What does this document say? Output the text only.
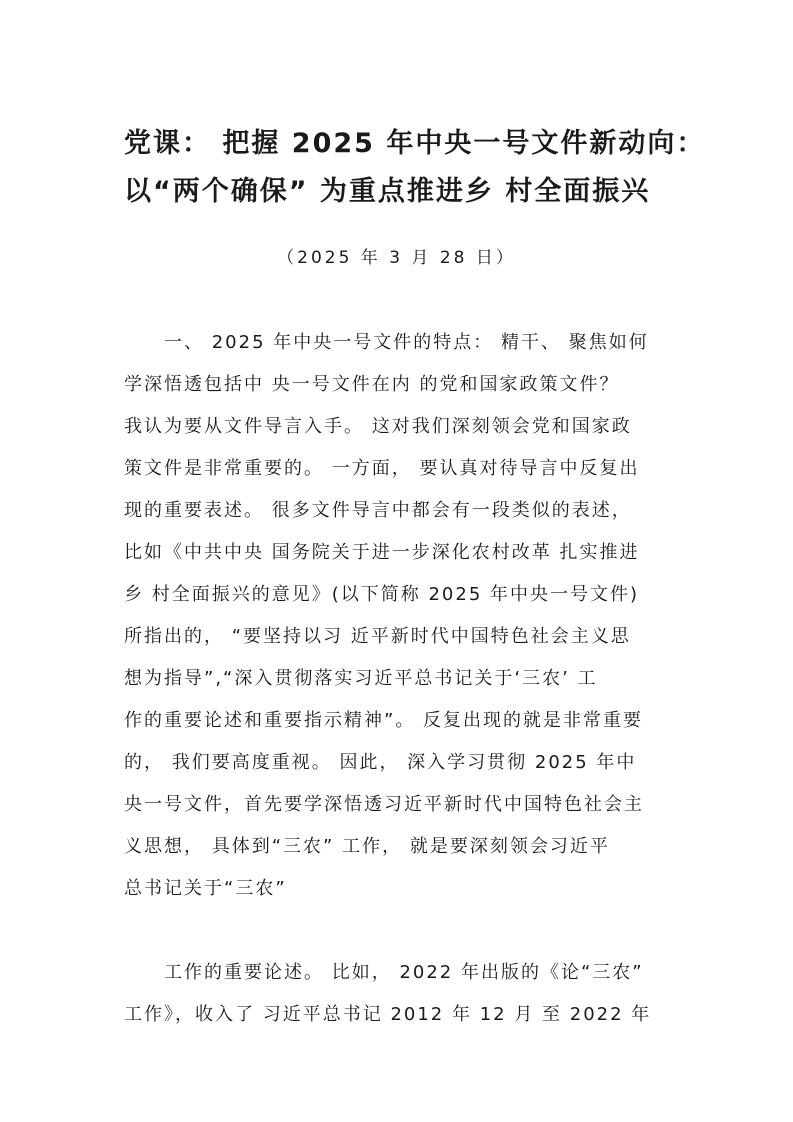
党课： 把握 2025 年中央一号文件新动向：
以“两个确保” 为重点推进乡 村全面振兴
（2025 年 3 月 28 日）
一、 2025 年中央一号文件的特点： 精干、 聚焦如何
学深悟透包括中 央一号文件在内 的党和国家政策文件？
我认为要从文件导言入手。 这对我们深刻领会党和国家政
策文件是非常重要的。 一方面， 要认真对待导言中反复出
现的重要表述。 很多文件导言中都会有一段类似的表述，
比如《中共中央 国务院关于进一步深化农村改革 扎实推进
乡 村全面振兴的意见》(以下简称 2025 年中央一号文件)
所指出的， “要坚持以习 近平新时代中国特色社会主义思
想为指导”,“深入贯彻落实习近平总书记关于‘三农’ 工
作的重要论述和重要指示精神”。 反复出现的就是非常重要
的， 我们要高度重视。 因此， 深入学习贯彻 2025 年中
央一号文件，首先要学深悟透习近平新时代中国特色社会主
义思想， 具体到“三农” 工作， 就是要深刻领会习近平
总书记关于“三农”
工作的重要论述。 比如， 2022 年出版的《论“三农”
工作》，收入了 习近平总书记 2012 年 12 月 至 2022 年
